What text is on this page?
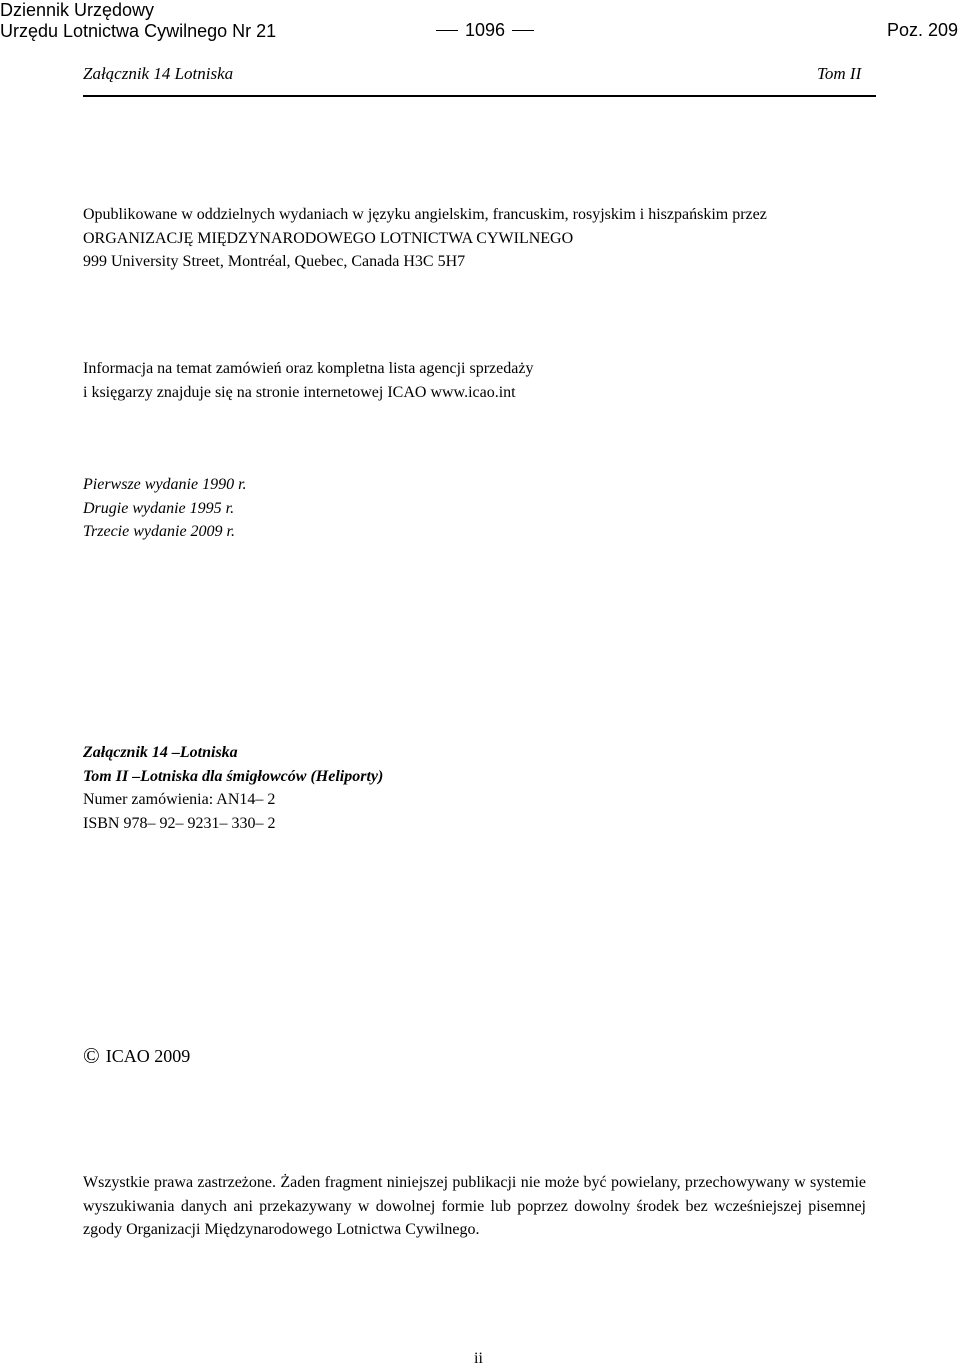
Dziennik Urzędowy
Urzędu Lotnictwa Cywilnego Nr 21	1096	Poz. 209
Załącznik 14 Lotniska	Tom II
Opublikowane w oddzielnych wydaniach w języku angielskim, francuskim, rosyjskim i hiszpańskim przez
ORGANIZACJĘ MIĘDZYNARODOWEGO LOTNICTWA CYWILNEGO
999 University Street, Montréal, Quebec, Canada H3C 5H7
Informacja na temat zamówień oraz kompletna lista agencji sprzedaży
i księgarzy znajduje się na stronie internetowej ICAO www.icao.int
Pierwsze wydanie 1990 r.
Drugie wydanie 1995 r.
Trzecie wydanie 2009 r.
Załącznik 14 –Lotniska
Tom II –Lotniska dla śmigłowców (Heliporty)
Numer zamówienia: AN14– 2
ISBN 978– 92– 9231– 330– 2
© ICAO 2009
Wszystkie prawa zastrzeżone. Żaden fragment niniejszej publikacji nie może być powielany, przechowywany w systemie wyszukiwania danych ani przekazywany w dowolnej formie lub poprzez dowolny środek bez wcześniejszej pisemnej zgody Organizacji Międzynarodowego Lotnictwa Cywilnego.
ii
